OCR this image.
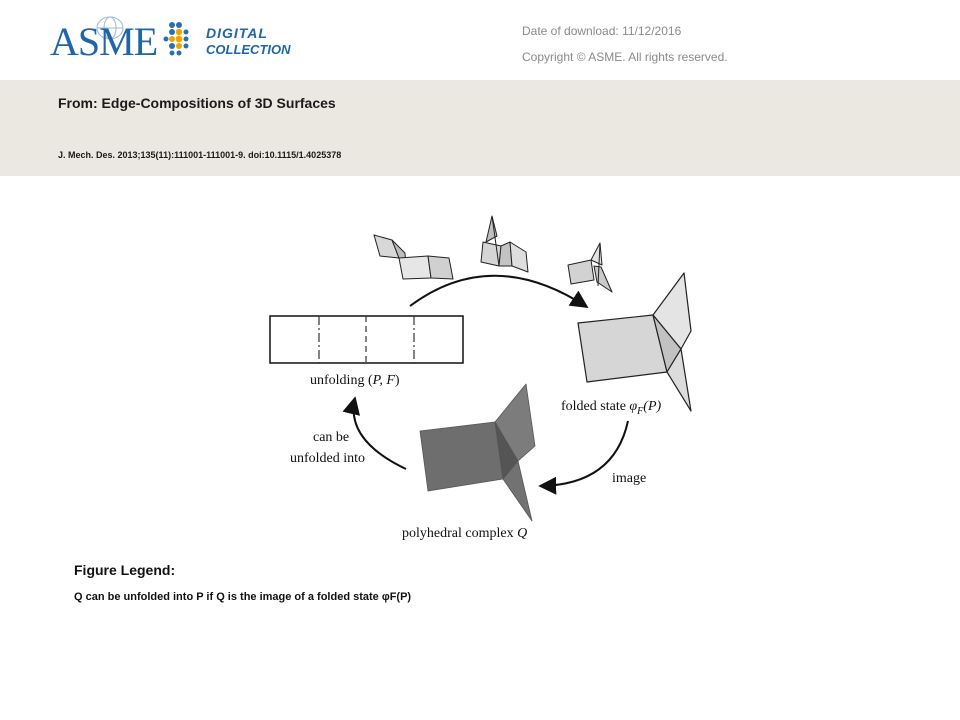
ASME	DIGITAL
COLLECTION
Date of download: 11/12/2016
Copyright © ASME. All rights reserved.
From: Edge-Compositions of 3D Surfaces
J. Mech. Des. 2013;135(11):111001-111001-9. doi:10.1115/1.4025378
unfolding (P, F)
folded state $\varphi_F(P)$
can be
unfolded into
image
polyhedral complex Q
Figure Legend:
Q can be unfolded into P if Q is the image of a folded state φF(P)
